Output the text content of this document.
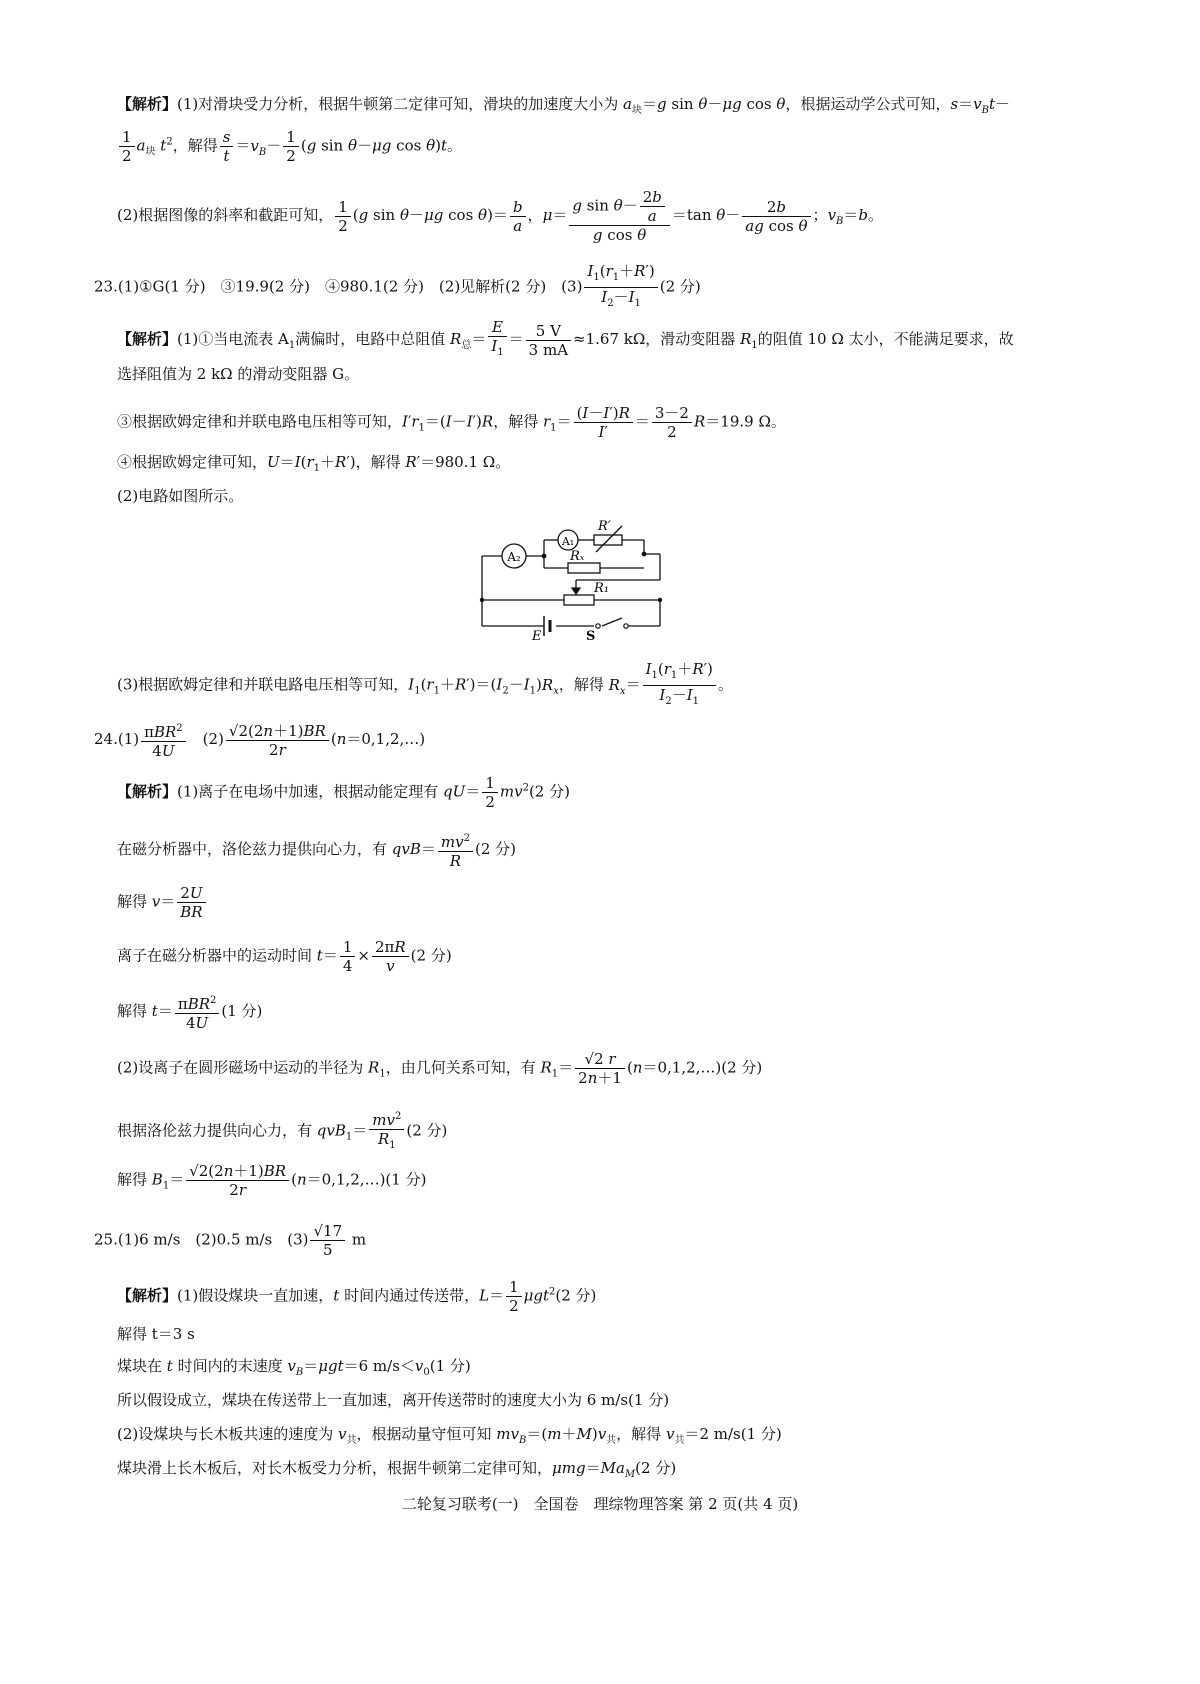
【解析】(1)对滑块受力分析，根据牛顿第二定律可知，滑块的加速度大小为 $a_块=g$ sin θ－μg cos θ，根据运动学公式可知，$s=v_Bt-$
$\frac{1}{2} a_块$ $t^2$，解得 $\frac{s}{t} =v_B- \frac{1}{2} (g$ sin θ－μg cos θ)t。
(2)根据图像的斜率和截距可知， $\frac{1}{2} (g$ sin θ－μg $\cos \theta)= \frac{b}{a}$ ，$\mu= \frac{g \sin \theta- \frac{2b}{a}}{\text{g cos θ}} =\tan$ $\theta- \frac{2b}{\text{ag cos θ}}$ ；$v_B=b$。
23.(1)①G(1 分)　③19.9(2 分)　④980.1(2 分)　(2)见解析(2 分)　$(3) \frac{I_1(r_1+R')}{I_2-I_1} (2$ 分)
【解析】(1)①当电流表 $A_1$满偏时，电路中总阻值 $R_总= \frac{E}{I_1} = \frac{5 V}{3 mA} \approx 1.67$ kΩ，滑动变阻器 $R_1$的阻值 10 Ω 太小，不能满足要求，故
选择阻值为 2 kΩ 的滑动变阻器 G。
③根据欧姆定律和并联电路电压相等可知，$I'r_1=(I-I')R$，解得 $r_1= \frac{(I-I')R}{I'} = \frac{3-2}{2} R=19.9$ Ω。
④根据欧姆定律可知，$U=I(r_1+R')$，解得 R′＝980.1 Ω。
(2)电路如图所示。
A₂
A₁
R′
Rₓ
R₁
E	S
(3)根据欧姆定律和并联电路电压相等可知，$I_1(r_1+R')=(I_2-I_1)R_x$，解得 $R_x= \frac{I_1(r_1+R')}{I_2-I_1}$ 。
$24.(1) \frac{\pi BR^2}{4U}$ 　$(2) \frac{√2(2n+1)BR}{2r}$ (n＝0,1,2,…)
【解析】(1)离子在电场中加速，根据动能定理有 $qU= \frac{1}{2} mv^2(2$ 分)
在磁分析器中，洛伦兹力提供向心力，有 $qvB= \frac{mv^2}{R} (2$ 分)
解得 $v= \frac{2U}{BR}$
离子在磁分析器中的运动时间 $t= \frac{1}{4} \times \frac{2\pi R}{v} (2$ 分)
解得 $t= \frac{\pi BR^2}{4U} (1$ 分)
(2)设离子在圆形磁场中运动的半径为 $R_1$，由几何关系可知，有 $R_1= \frac{√2 r}{2n+1}$ (n＝0,1,2,…)(2 分)
根据洛伦兹力提供向心力，有 $qvB_1= \frac{mv^2}{R_1} (2$ 分)
解得 $B_1= \frac{√2(2n+1)BR}{2r}$ (n＝0,1,2,…)(1 分)
25.(1)6 m/s　(2)0.5 m/s　$(3) \frac{√17}{5}$ m
【解析】(1)假设煤块一直加速，t 时间内通过传送带，$L= \frac{1}{2} \mu gt^2(2$ 分)
解得 t＝3 s
煤块在 t 时间内的末速度 $v_B=\mu gt=6$ $m/s<v_0(1$ 分)
所以假设成立，煤块在传送带上一直加速，离开传送带时的速度大小为 6 m/s(1 分)
(2)设煤块与长木板共速的速度为 $v_共$，根据动量守恒可知 $mv_B=(m+M)v_共$，解得 $v_共=2$ m/s(1 分)
煤块滑上长木板后，对长木板受力分析，根据牛顿第二定律可知，$\mu mg=Ma_M(2$ 分)
二轮复习联考(一)　全国卷　理综物理答案 第 2 页(共 4 页)
